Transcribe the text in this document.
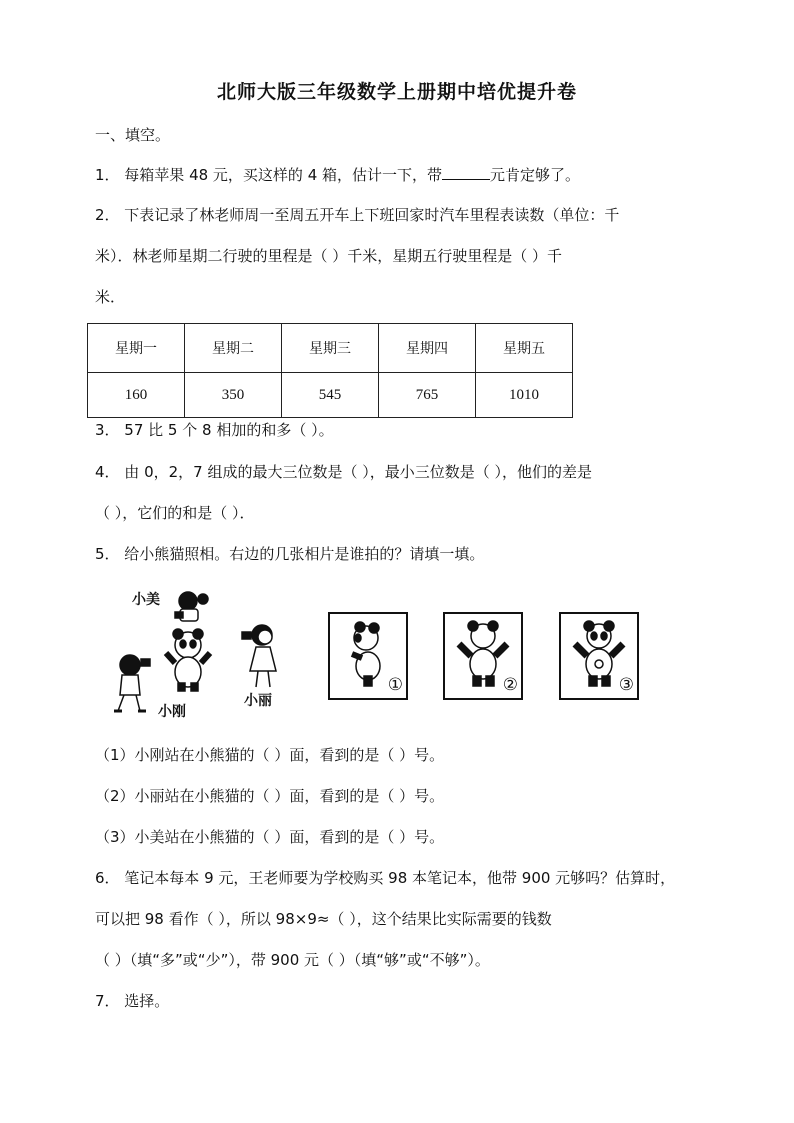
北师大版三年级数学上册期中培优提升卷
一、填空。
1． 每箱苹果 48 元，买这样的 4 箱，估计一下，带	元肯定够了。
2． 下表记录了林老师周一至周五开车上下班回家时汽车里程表读数（单位：千
米）．林老师星期二行驶的里程是（ ）千米，星期五行驶里程是（ ）千
米．
星期一	星期二	星期三	星期四	星期五
160	350	545	765	1010
3． 57 比 5 个 8 相加的和多（ ）。
4． 由 0，2，7 组成的最大三位数是（ ），最小三位数是（ ），他们的差是
（ ），它们的和是（ ）．
5． 给小熊猫照相。右边的几张相片是谁拍的？请填一填。
小美
小刚
小丽
①	②	③
（1）小刚站在小熊猫的（ ）面，看到的是（ ）号。
（2）小丽站在小熊猫的（ ）面，看到的是（ ）号。
（3）小美站在小熊猫的（ ）面，看到的是（ ）号。
6． 笔记本每本 9 元，王老师要为学校购买 98 本笔记本，他带 900 元够吗？估算时，
可以把 98 看作（ ），所以 98×9≈（ ），这个结果比实际需要的钱数
（ ）（填“多”或“少”），带 900 元（ ）（填“够”或“不够”）。
7． 选择。
